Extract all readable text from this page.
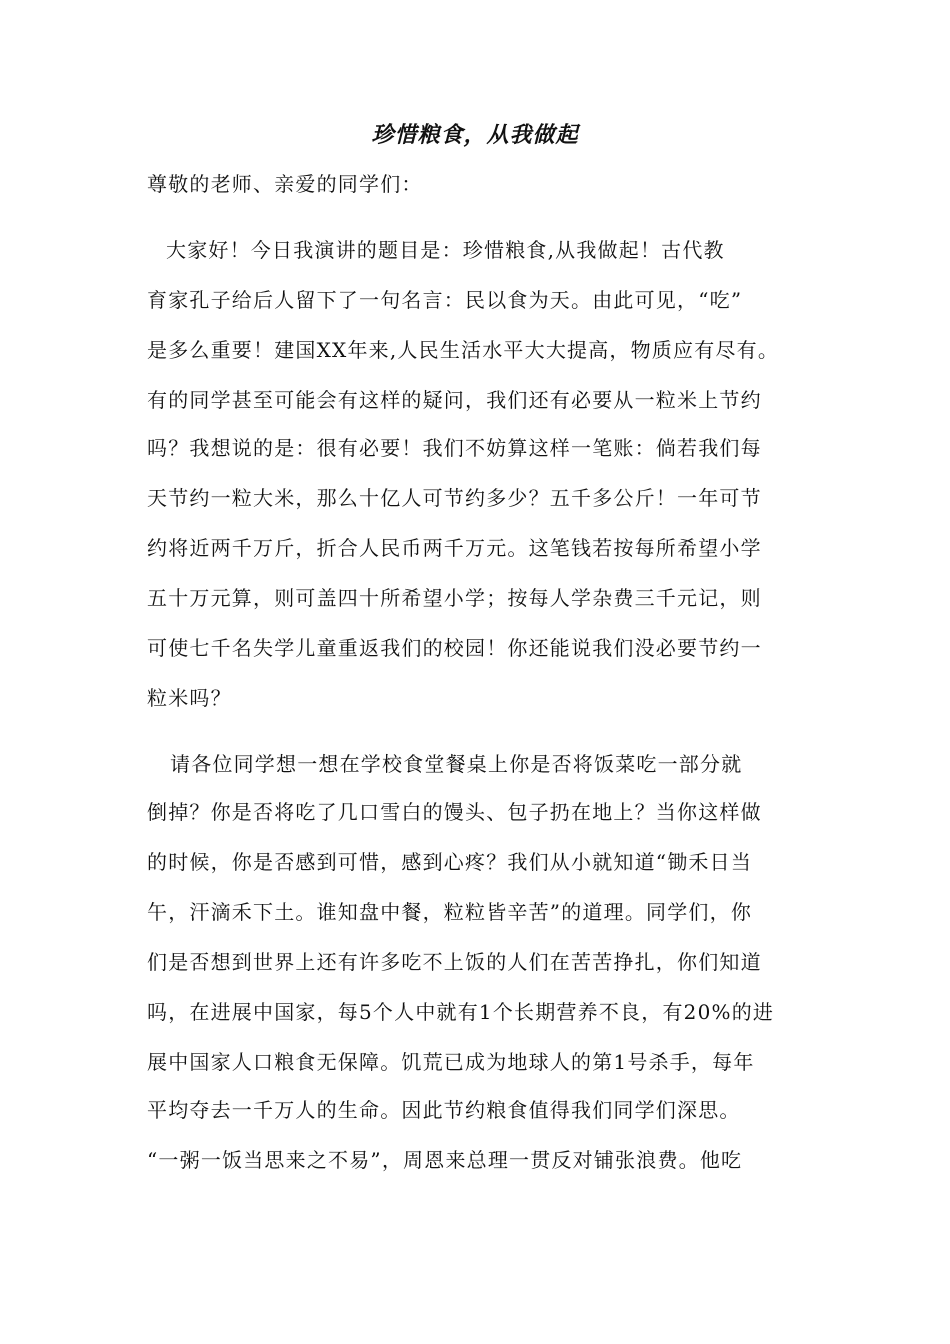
珍惜粮食，从我做起
尊敬的老师、亲爱的同学们：
大家好！今日我演讲的题目是：珍惜粮食,从我做起！古代教
育家孔子给后人留下了一句名言：民以食为天。由此可见，“吃”
是多么重要！建国XX年来,人民生活水平大大提高，物质应有尽有。
有的同学甚至可能会有这样的疑问，我们还有必要从一粒米上节约
吗？我想说的是：很有必要！我们不妨算这样一笔账：倘若我们每
天节约一粒大米，那么十亿人可节约多少？五千多公斤！一年可节
约将近两千万斤，折合人民币两千万元。这笔钱若按每所希望小学
五十万元算，则可盖四十所希望小学；按每人学杂费三千元记，则
可使七千名失学儿童重返我们的校园！你还能说我们没必要节约一
粒米吗？
请各位同学想一想在学校食堂餐桌上你是否将饭菜吃一部分就
倒掉？你是否将吃了几口雪白的馒头、包子扔在地上？当你这样做
的时候，你是否感到可惜，感到心疼？我们从小就知道“锄禾日当
午，汗滴禾下土。谁知盘中餐，粒粒皆辛苦”的道理。同学们，你
们是否想到世界上还有许多吃不上饭的人们在苦苦挣扎，你们知道
吗，在进展中国家，每5个人中就有1个长期营养不良，有20%的进
展中国家人口粮食无保障。饥荒已成为地球人的第1号杀手，每年
平均夺去一千万人的生命。因此节约粮食值得我们同学们深思。
“一粥一饭当思来之不易”，周恩来总理一贯反对铺张浪费。他吃
